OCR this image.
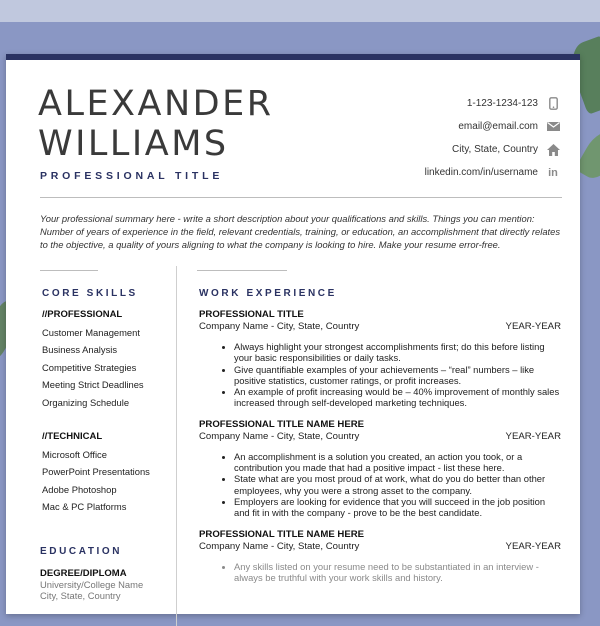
ALEXANDER
WILLIAMS
PROFESSIONAL TITLE
1-123-1234-123
email@email.com
City, State, Country
linkedin.com/in/username in

Your professional summary here - write a short description about your qualifications and skills. Things you can mention: Number of years of experience in the field, relevant credentials, training, or education, an accomplishment that directly relates to the objective, a quality of yours aligning to what the company is looking to hire. Make your resume error-free.

CORE SKILLS
//PROFESSIONAL
Customer Management
Business Analysis
Competitive Strategies
Meeting Strict Deadlines
Organizing Schedule
//TECHNICAL
Microsoft Office
PowerPoint Presentations
Adobe Photoshop
Mac & PC Platforms
EDUCATION
DEGREE/DIPLOMA
University/College Name
City, State, Country
WORK EXPERIENCE
PROFESSIONAL TITLE
Company Name - City, State, Country	YEAR-YEAR
• Always highlight your strongest accomplishments first; do this before listing your basic responsibilities or daily tasks.
• Give quantifiable examples of your achievements – “real” numbers – like positive statistics, customer ratings, or profit increases.
• An example of profit increasing would be – 40% improvement of monthly sales increased through self-developed marketing techniques.
PROFESSIONAL TITLE NAME HERE
Company Name - City, State, Country	YEAR-YEAR
• An accomplishment is a solution you created, an action you took, or a contribution you made that had a positive impact - list these here.
• State what are you most proud of at work, what do you do better than other employees, why you were a strong asset to the company.
• Employers are looking for evidence that you will succeed in the job position and fit in with the company - prove to be the best candidate.
PROFESSIONAL TITLE NAME HERE
Company Name - City, State, Country	YEAR-YEAR
• Any skills listed on your resume need to be substantiated in an interview - always be truthful with your work skills and history.
